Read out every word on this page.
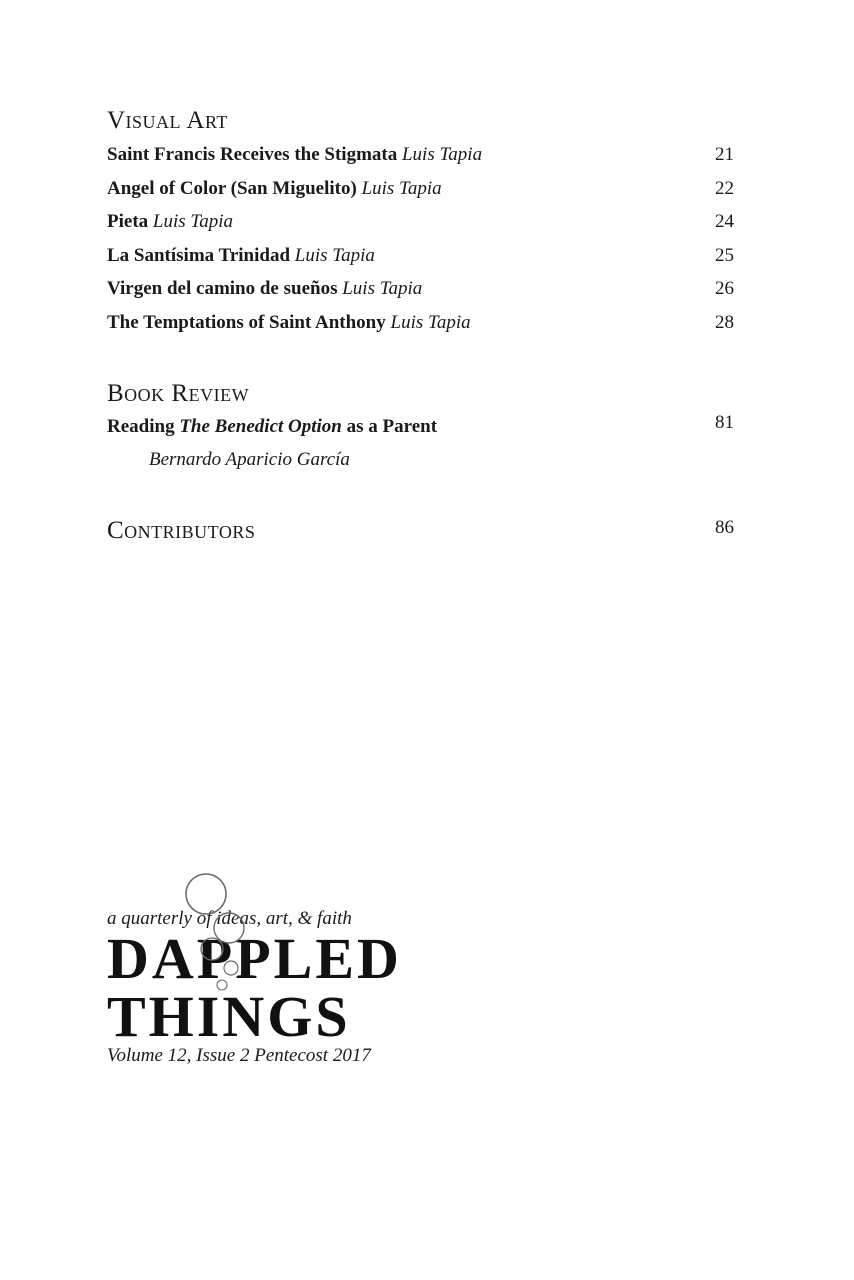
Visual Art
Saint Francis Receives the Stigmata Luis Tapia	21
Angel of Color (San Miguelito) Luis Tapia	22
Pieta Luis Tapia	24
La Santísima Trinidad Luis Tapia	25
Virgen del camino de sueños Luis Tapia	26
The Temptations of Saint Anthony Luis Tapia	28
Book Review
Reading The Benedict Option as a Parent	81
Bernardo Aparicio García
Contributors	86
a quarterly of ideas, art, & faith
DAPPLED
THINGS
Volume 12, Issue 2 Pentecost 2017
